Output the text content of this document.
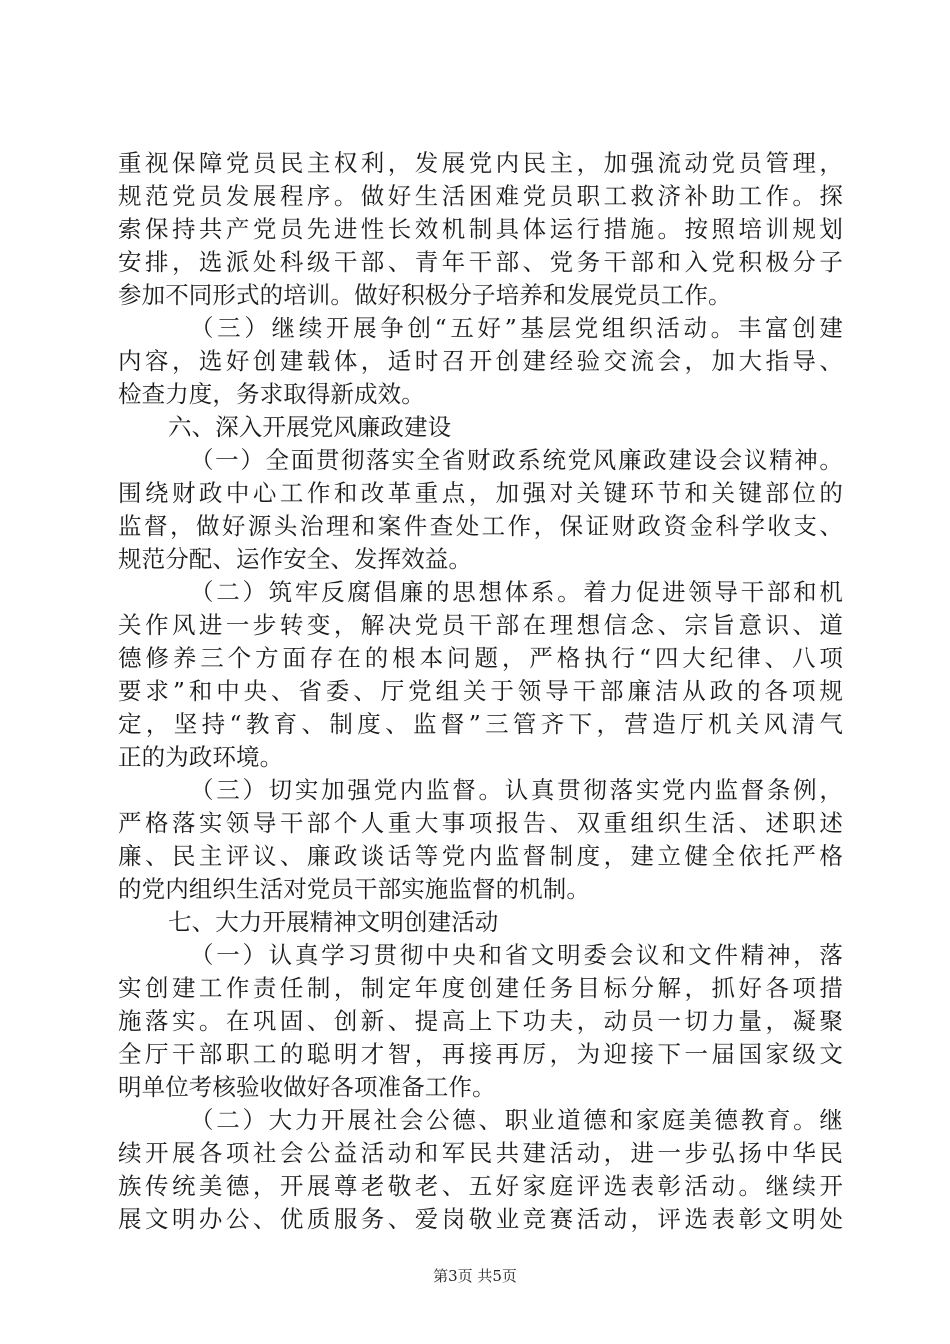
重视保障党员民主权利，发展党内民主，加强流动党员管理，
规范党员发展程序。做好生活困难党员职工救济补助工作。探
索保持共产党员先进性长效机制具体运行措施。按照培训规划
安排，选派处科级干部、青年干部、党务干部和入党积极分子
参加不同形式的培训。做好积极分子培养和发展党员工作。
（三）继续开展争创“五好”基层党组织活动。丰富创建
内容，选好创建载体，适时召开创建经验交流会，加大指导、
检查力度，务求取得新成效。
六、深入开展党风廉政建设
（一）全面贯彻落实全省财政系统党风廉政建设会议精神。
围绕财政中心工作和改革重点，加强对关键环节和关键部位的
监督，做好源头治理和案件查处工作，保证财政资金科学收支、
规范分配、运作安全、发挥效益。
（二）筑牢反腐倡廉的思想体系。着力促进领导干部和机
关作风进一步转变，解决党员干部在理想信念、宗旨意识、道
德修养三个方面存在的根本问题，严格执行“四大纪律、八项
要求”和中央、省委、厅党组关于领导干部廉洁从政的各项规
定，坚持“教育、制度、监督”三管齐下，营造厅机关风清气
正的为政环境。
（三）切实加强党内监督。认真贯彻落实党内监督条例，
严格落实领导干部个人重大事项报告、双重组织生活、述职述
廉、民主评议、廉政谈话等党内监督制度，建立健全依托严格
的党内组织生活对党员干部实施监督的机制。
七、大力开展精神文明创建活动
（一）认真学习贯彻中央和省文明委会议和文件精神，落
实创建工作责任制，制定年度创建任务目标分解，抓好各项措
施落实。在巩固、创新、提高上下功夫，动员一切力量，凝聚
全厅干部职工的聪明才智，再接再厉，为迎接下一届国家级文
明单位考核验收做好各项准备工作。
（二）大力开展社会公德、职业道德和家庭美德教育。继
续开展各项社会公益活动和军民共建活动，进一步弘扬中华民
族传统美德，开展尊老敬老、五好家庭评选表彰活动。继续开
展文明办公、优质服务、爱岗敬业竞赛活动，评选表彰文明处
第3页 共5页
